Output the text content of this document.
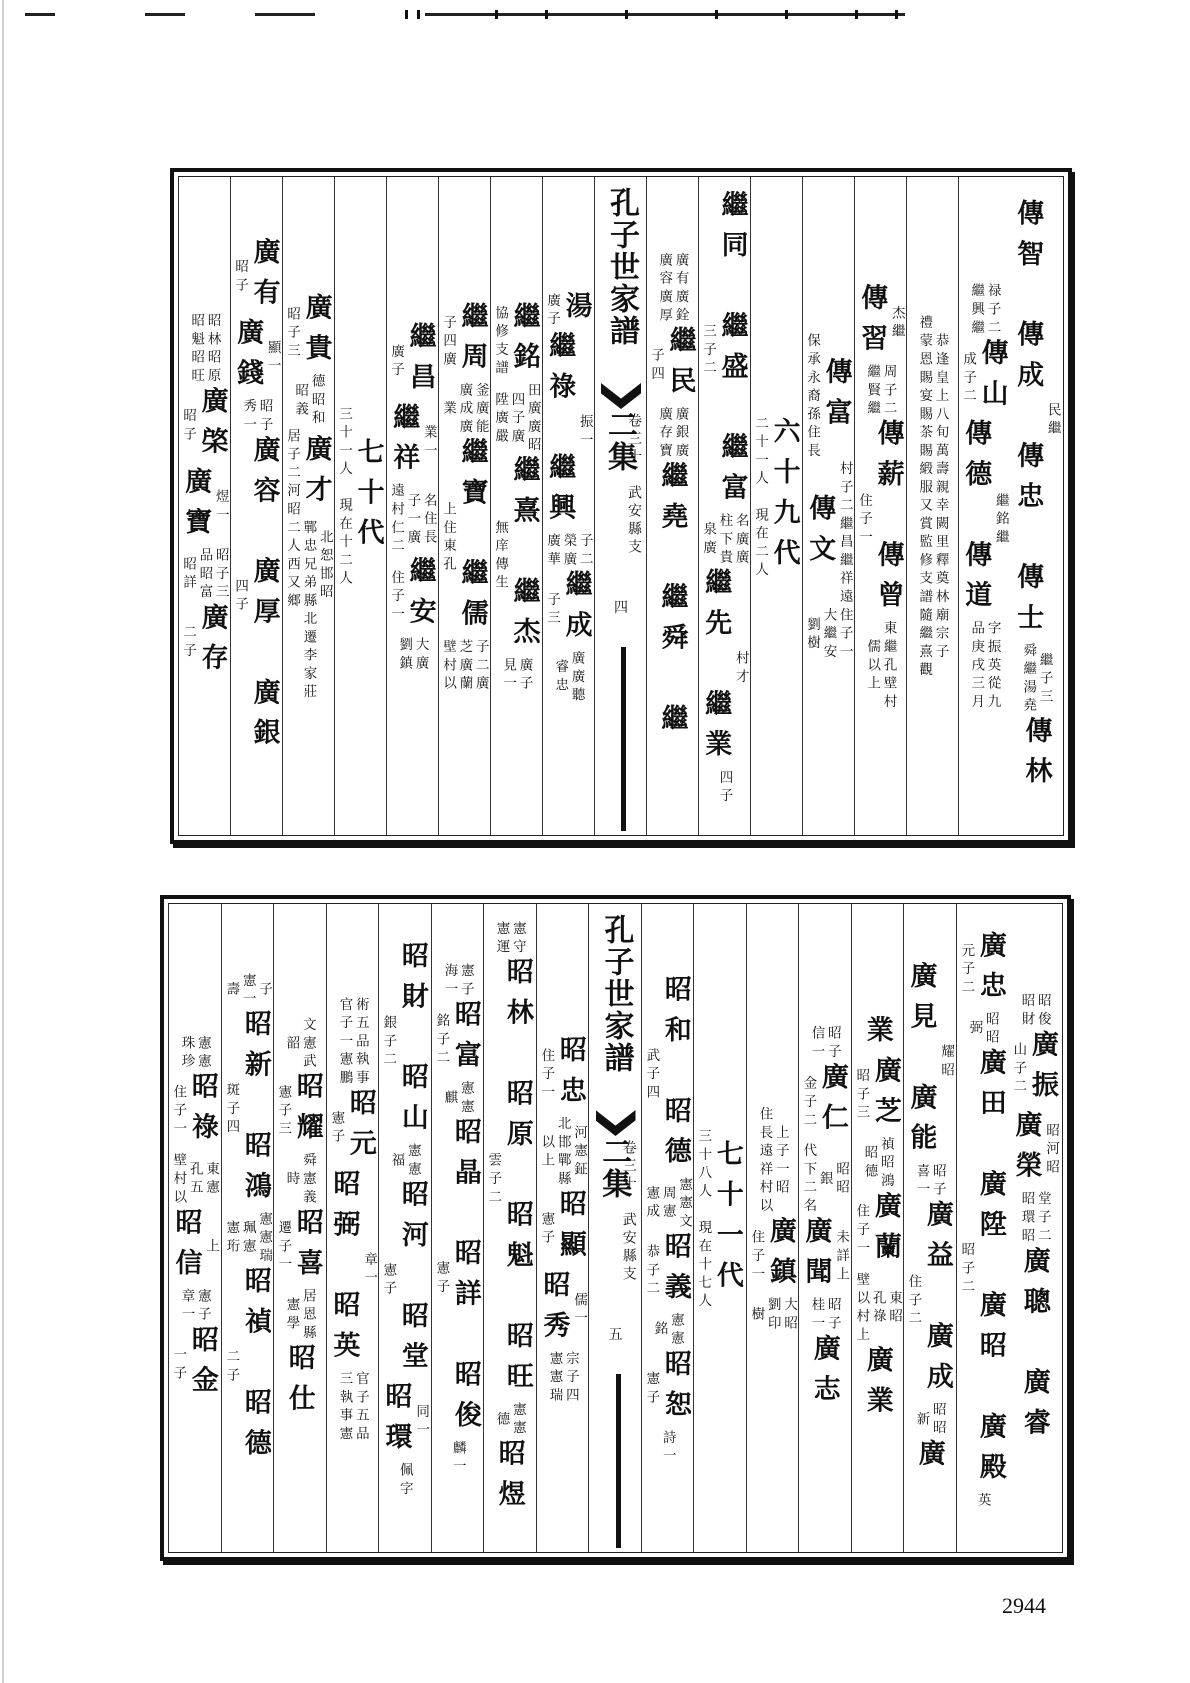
民繼
傳智　傳成　傳忠　傳士
繼子三
舜繼湯堯
傳林
禄子二
繼興繼
傳山
成子二
繼銘繼
傳德　傳道
字振英從九
品庚戌三月
恭逢皇上八旬萬壽親幸闕里釋奠林廟宗子
禮蒙恩賜宴賜茶賜緞服又賞監修支譜隨繼熹觀
杰繼
傳習
周子二
繼賢繼
傳薪　傳曾
住子一
東繼孔壁村
儒以上
傳富
保承永裔孫住長
村子二繼昌繼祥遠
傳文
住子一
大繼安
劉樹
六十九代
二十一人　現在二人
繼同　繼盛　繼富
三子二
名廣廣
柱下貴
泉廣
村才
繼先　繼業
四子
廣有廣銓
廣容廣厚
繼民
子四
廣銀廣
廣存寶
繼堯　繼舜　繼
孔子世家譜
二集
卷三十　武安縣支
四
湯
廣子
振一
繼祿　繼興
子二
榮廣
廣華
繼成
子三
廣廣聽
睿忠
繼銘
協修支譜
田廣廣昭
四子廣
陞廣嚴
繼熹　繼杰
無庠傳生
廣子
見一
繼周
子四廣
釜廣能
廣成廣
業
繼寶　繼儒
上住東孔
子二廣
芝廣蘭
壁村以
繼昌
廣子
業一
繼祥
名住長
子一廣
遠村仁二
繼安
住子一
大廣
劉鎮
七十代
三十一人　現在十二人
廣貴
昭子三
德昭和
昭義
廣才
居子二河昭
北恕邯昭
鄲忠兄弟縣
二人西又鄉
北遷李家莊
廣有
昭子
顯一
廣錢
昭子
秀一
廣容　廣厚　廣銀
四子
昭林昭原
昭魁昭旺
廣棨
昭子
煜一
廣寶
昭子三
品昭富
昭詳
廣存
二子
昭俊
昭財
廣振
山子二
昭河昭
廣榮
堂子二
昭環昭
廣聰　廣睿
廣忠
元子二
昭昭
弼
廣田　廣陞　廣昭　廣殿
昭子二
英
耀昭
廣見　廣能
昭子
喜一
廣益　廣成
住子二
昭昭
新
廣
業
廣芝
昭子三
禎昭鴻
昭德
廣蘭
住子一
東昭
孔祿
壁以村上
廣業
昭子
信一
廣仁
金子二
昭昭
銀
代下二名
未詳上
廣聞
昭子
桂一
廣志
上子一昭
住長遠祥村以
廣鎮
住子一
大昭
劉印
樹
七十一代
三十八人　現在十七人
昭和　昭德
武子四
憲憲文
周憲
憲成
昭義
恭子二
憲憲
銘
昭恕
憲子
詩一
孔子世家譜
二集
卷三十　武安縣支
五
昭忠
住子一
河憲鉦
北邯鄲縣
以上
昭顯
憲子
儒一
昭秀
宗子四
憲憲瑞
憲守
憲運
昭林　昭原　昭魁　昭旺
雲子二
憲憲
德
昭煜
憲子
海一
昭富
銘子二
憲憲
麒
昭晶　昭詳　昭俊
憲子
麟一
昭財　昭山
銀子二
憲憲
福
昭河　昭堂
憲子
同一
昭環
佩字
術五品執事
官子一憲鵬
昭元
憲子
章一
昭弼　昭英
官子五品
三執事憲
文憲武
韶
昭耀
憲子三
舜憲義
時
昭喜
遷子一
居恩縣
憲學
昭仕
子
憲一
壽
昭新　昭鴻
斑子四
憲憲瑞
珮憲
憲珩
昭禎　昭德
二子
憲憲
珠珍
昭祿
住子一
東憲
孔五
壁村以
上
昭信
憲子
章一
昭金
一子
2944
